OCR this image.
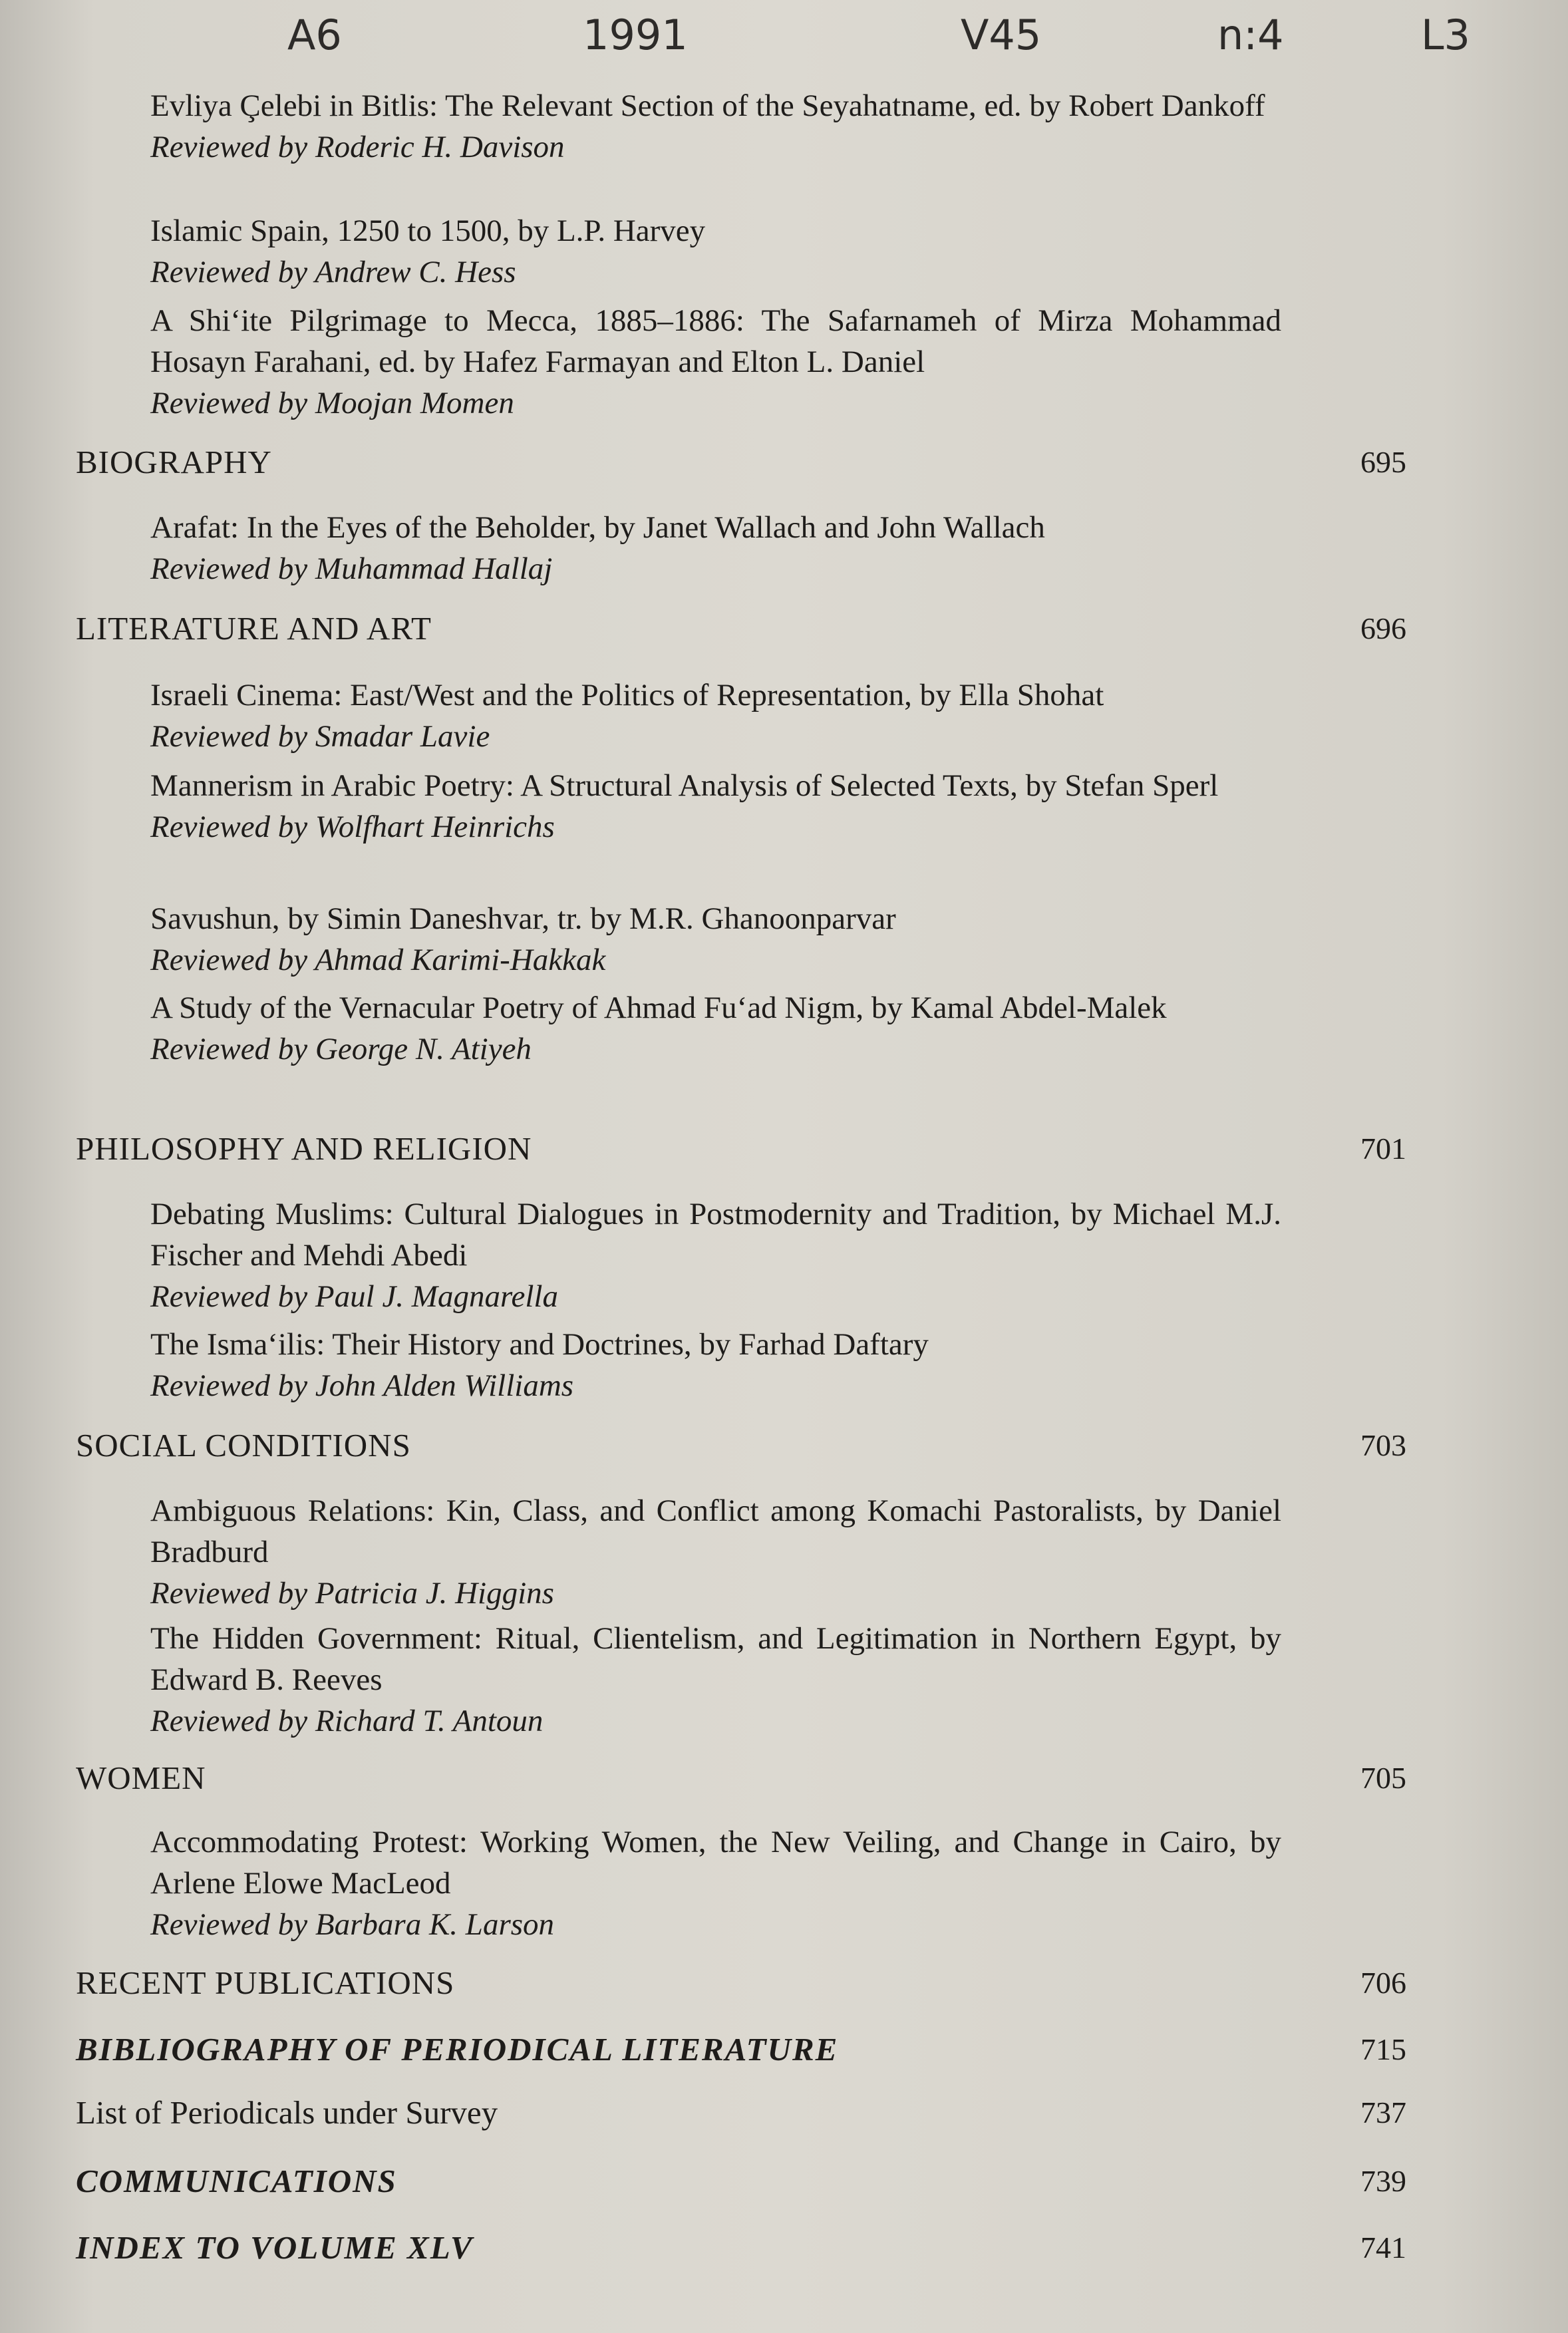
A6	1991	V45	n:4	L3
Evliya Çelebi in Bitlis: The Relevant Section of the Seyahatname, ed. by Robert Dankoff
Reviewed by Roderic H. Davison
Islamic Spain, 1250 to 1500, by L.P. Harvey
Reviewed by Andrew C. Hess
A Shi‘ite Pilgrimage to Mecca, 1885–1886: The Safarnameh of Mirza Mohammad Hosayn Farahani, ed. by Hafez Farmayan and Elton L. Daniel
Reviewed by Moojan Momen
BIOGRAPHY	695
Arafat: In the Eyes of the Beholder, by Janet Wallach and John Wallach
Reviewed by Muhammad Hallaj
LITERATURE AND ART	696
Israeli Cinema: East/West and the Politics of Representation, by Ella Shohat
Reviewed by Smadar Lavie
Mannerism in Arabic Poetry: A Structural Analysis of Selected Texts, by Stefan Sperl
Reviewed by Wolfhart Heinrichs
Savushun, by Simin Daneshvar, tr. by M.R. Ghanoonparvar
Reviewed by Ahmad Karimi-Hakkak
A Study of the Vernacular Poetry of Ahmad Fu‘ad Nigm, by Kamal Abdel-Malek
Reviewed by George N. Atiyeh
PHILOSOPHY AND RELIGION	701
Debating Muslims: Cultural Dialogues in Postmodernity and Tradition, by Michael M.J. Fischer and Mehdi Abedi
Reviewed by Paul J. Magnarella
The Isma‘ilis: Their History and Doctrines, by Farhad Daftary
Reviewed by John Alden Williams
SOCIAL CONDITIONS	703
Ambiguous Relations: Kin, Class, and Conflict among Komachi Pastoralists, by Daniel Bradburd
Reviewed by Patricia J. Higgins
The Hidden Government: Ritual, Clientelism, and Legitimation in Northern Egypt, by Edward B. Reeves
Reviewed by Richard T. Antoun
WOMEN	705
Accommodating Protest: Working Women, the New Veiling, and Change in Cairo, by Arlene Elowe MacLeod
Reviewed by Barbara K. Larson
RECENT PUBLICATIONS	706
BIBLIOGRAPHY OF PERIODICAL LITERATURE	715
List of Periodicals under Survey	737
COMMUNICATIONS	739
INDEX TO VOLUME XLV	741
